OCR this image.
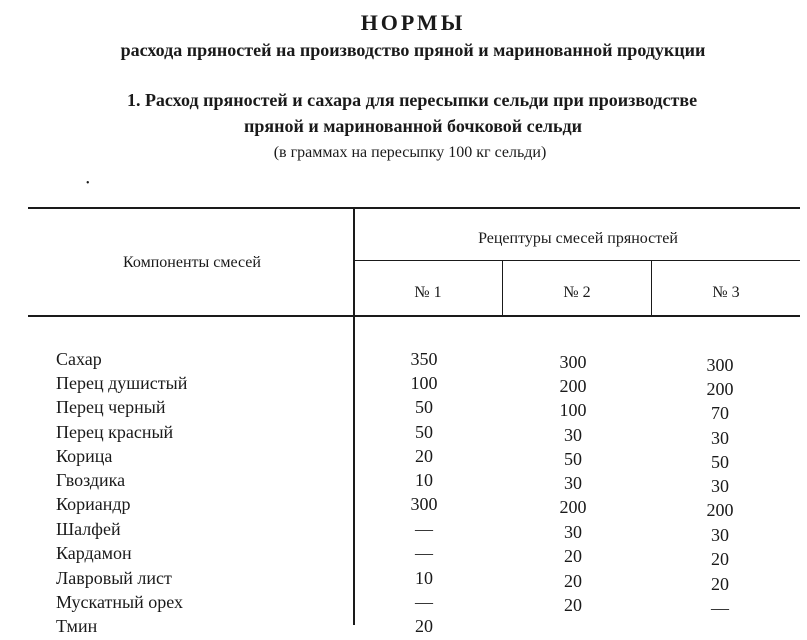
НОРМЫ
расхода пряностей на производство пряной и маринованной продукции
1. Расход пряностей и сахара для пересыпки сельди при производстве
пряной и маринованной бочковой сельди
(в граммах на пересыпку 100 кг сельди)
•
Компоненты смесей
Рецептуры смесей пряностей
№ 1	№ 2	№ 3
Сахар	350	300	300
Перец душистый	100	200	200
Перец черный	50	100	70
Перец красный	50	30	30
Корица	20	50	50
Гвоздика	10	30	30
Кориандр	300	200	200
Шалфей	—	30	30
Кардамон	—	20	20
Лавровый лист	10	20	20
Мускатный орех	—	20	—
Тмин	20
